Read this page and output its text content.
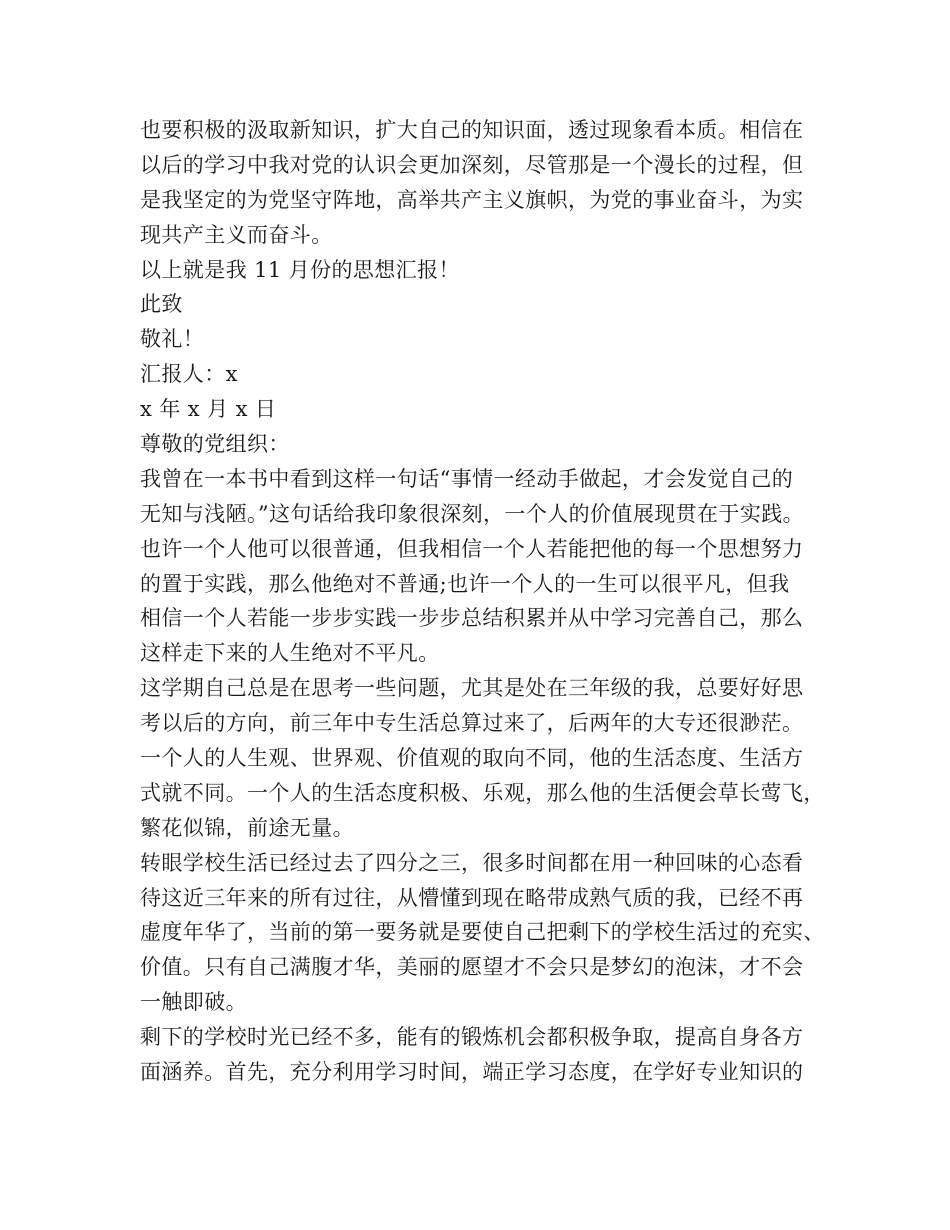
也要积极的汲取新知识，扩大自己的知识面，透过现象看本质。相信在
以后的学习中我对党的认识会更加深刻，尽管那是一个漫长的过程，但
是我坚定的为党坚守阵地，高举共产主义旗帜，为党的事业奋斗，为实
现共产主义而奋斗。
以上就是我 11 月份的思想汇报！
此致
敬礼！
汇报人：x
x 年 x 月 x 日
尊敬的党组织：
我曾在一本书中看到这样一句话“事情一经动手做起，才会发觉自己的
无知与浅陋。”这句话给我印象很深刻，一个人的价值展现贯在于实践。
也许一个人他可以很普通，但我相信一个人若能把他的每一个思想努力
的置于实践，那么他绝对不普通;也许一个人的一生可以很平凡，但我
相信一个人若能一步步实践一步步总结积累并从中学习完善自己，那么
这样走下来的人生绝对不平凡。
这学期自己总是在思考一些问题，尤其是处在三年级的我，总要好好思
考以后的方向，前三年中专生活总算过来了，后两年的大专还很渺茫。
一个人的人生观、世界观、价值观的取向不同，他的生活态度、生活方
式就不同。一个人的生活态度积极、乐观，那么他的生活便会草长莺飞，
繁花似锦，前途无量。
转眼学校生活已经过去了四分之三，很多时间都在用一种回味的心态看
待这近三年来的所有过往，从懵懂到现在略带成熟气质的我，已经不再
虚度年华了，当前的第一要务就是要使自己把剩下的学校生活过的充实、
价值。只有自己满腹才华，美丽的愿望才不会只是梦幻的泡沫，才不会
一触即破。
剩下的学校时光已经不多，能有的锻炼机会都积极争取，提高自身各方
面涵养。首先，充分利用学习时间，端正学习态度，在学好专业知识的
